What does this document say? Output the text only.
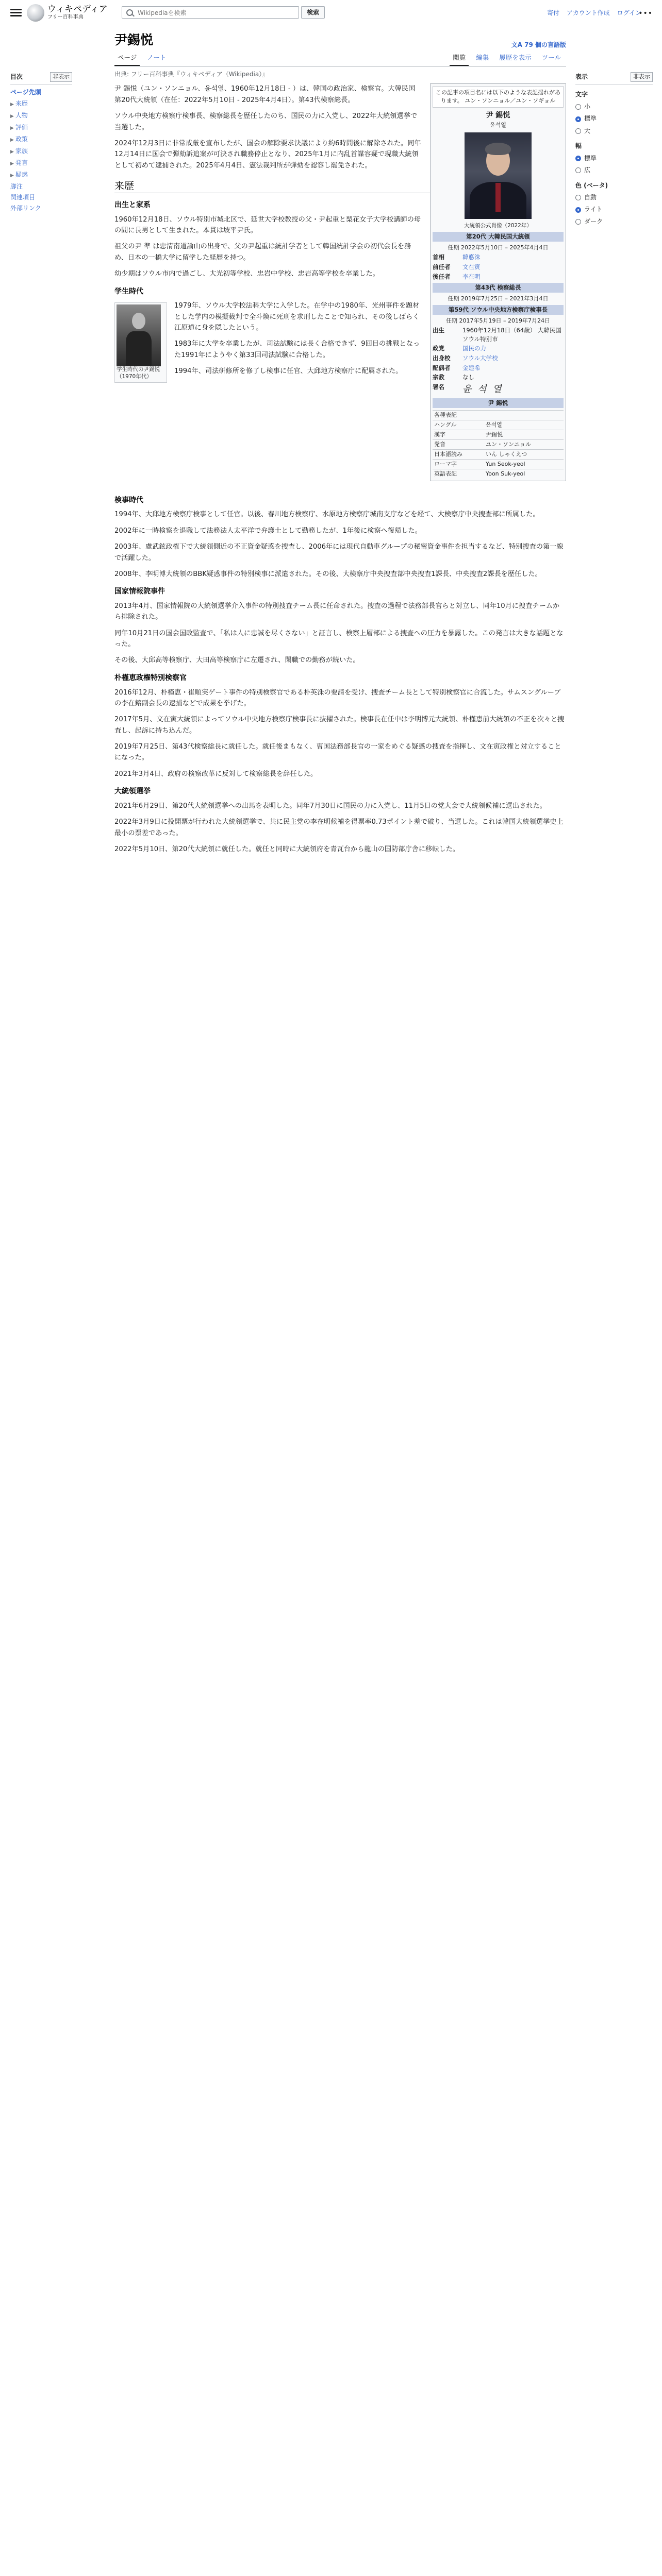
ウィキペディア
フリー百科事典
Wikipediaを検索
検索	寄付 アカウント作成 ログイン
•••
目次	非表示
ページ先頭
▶ 来歴
▶ 人物
▶ 評価
▶ 政策
▶ 家族
▶ 発言
▶ 疑惑
脚注
関連項目
外部リンク
表示	非表示
文字
小
標準
大
幅
標準
広
色 (ベータ)
自動
ライト
ダーク
尹錫悦	文A 79 個の言語版
ページ ノート	閲覧 編集 履歴を表示 ツール
出典: フリー百科事典『ウィキペディア（Wikipedia）』
この記事の項目名には以下のような表記揺れがあります。 ユン・ソンニョル／ユン・ソギョル
尹 錫悦
윤석열
大統領公式肖像（2022年）
第20代 大韓民国大統領
任期 2022年5月10日 – 2025年4月4日
首相	韓悳洙
前任者	文在寅
後任者	李在明
第43代 検察総長
任期 2019年7月25日 – 2021年3月4日
第59代 ソウル中央地方検察庁検事長
任期 2017年5月19日 – 2019年7月24日
出生	1960年12月18日（64歳） 大韓民国 ソウル特別市
政党	国民の力
出身校	ソウル大学校
配偶者	金建希
宗教	なし
署名	윤 석 열
尹 錫悦
各種表記	
ハングル	윤석열
漢字	尹錫悦
発音	ユン・ソンニョル
日本語読み	いん しゃくえつ
ローマ字	Yun Seok-yeol
英語表記	Yoon Suk-yeol

尹 錫悦（ユン・ソンニョル、윤석열、1960年12月18日 - ）は、韓国の政治家、検察官。大韓民国第20代大統領（在任：2022年5月10日 - 2025年4月4日）。第43代検察総長。

ソウル中央地方検察庁検事長、検察総長を歴任したのち、国民の力に入党し、2022年大統領選挙で当選した。

2024年12月3日に非常戒厳を宣布したが、国会の解除要求決議により約6時間後に解除された。同年12月14日に国会で弾劾訴追案が可決され職務停止となり、2025年1月に内乱首謀容疑で現職大統領として初めて逮捕された。2025年4月4日、憲法裁判所が弾劾を認容し罷免された。

来歴
出生と家系

1960年12月18日、ソウル特別市城北区で、延世大学校教授の父・尹起重と梨花女子大学校講師の母の間に長男として生まれた。本貫は坡平尹氏。

祖父の尹 準 は忠清南道論山の出身で、父の尹起重は統計学者として韓国統計学会の初代会長を務め、日本の一橋大学に留学した経歴を持つ。

幼少期はソウル市内で過ごし、大光初等学校、忠岩中学校、忠岩高等学校を卒業した。

学生時代
学生時代の尹錫悦（1970年代）

1979年、ソウル大学校法科大学に入学した。在学中の1980年、光州事件を題材とした学内の模擬裁判で全斗煥に死刑を求刑したことで知られ、その後しばらく江原道に身を隠したという。

1983年に大学を卒業したが、司法試験には長く合格できず、9回目の挑戦となった1991年にようやく第33回司法試験に合格した。

1994年、司法研修所を修了し検事に任官、大邱地方検察庁に配属された。

検事時代

1994年、大邱地方検察庁検事として任官。以後、春川地方検察庁、水原地方検察庁城南支庁などを経て、大検察庁中央捜査部に所属した。

2002年に一時検察を退職して法務法人太平洋で弁護士として勤務したが、1年後に検察へ復帰した。

2003年、盧武鉉政権下で大統領側近の不正資金疑惑を捜査し、2006年には現代自動車グループの秘密資金事件を担当するなど、特別捜査の第一線で活躍した。

2008年、李明博大統領のBBK疑惑事件の特別検事に派遣された。その後、大検察庁中央捜査部中央捜査1課長、中央捜査2課長を歴任した。

国家情報院事件

2013年4月、国家情報院の大統領選挙介入事件の特別捜査チーム長に任命された。捜査の過程で法務部長官らと対立し、同年10月に捜査チームから排除された。

同年10月21日の国会国政監査で、「私は人に忠誠を尽くさない」と証言し、検察上層部による捜査への圧力を暴露した。この発言は大きな話題となった。

その後、大邱高等検察庁、大田高等検察庁に左遷され、閑職での勤務が続いた。

朴槿恵政権特別検察官

2016年12月、朴槿恵・崔順実ゲート事件の特別検察官である朴英洙の要請を受け、捜査チーム長として特別検察官に合流した。サムスングループの李在鎔副会長の逮捕などで成果を挙げた。

2017年5月、文在寅大統領によってソウル中央地方検察庁検事長に抜擢された。検事長在任中は李明博元大統領、朴槿恵前大統領の不正を次々と捜査し、起訴に持ち込んだ。

2019年7月25日、第43代検察総長に就任した。就任後まもなく、曺国法務部長官の一家をめぐる疑惑の捜査を指揮し、文在寅政権と対立することになった。

2021年3月4日、政府の検察改革に反対して検察総長を辞任した。

大統領選挙

2021年6月29日、第20代大統領選挙への出馬を表明した。同年7月30日に国民の力に入党し、11月5日の党大会で大統領候補に選出された。

2022年3月9日に投開票が行われた大統領選挙で、共に民主党の李在明候補を得票率0.73ポイント差で破り、当選した。これは韓国大統領選挙史上最小の票差であった。

2022年5月10日、第20代大統領に就任した。就任と同時に大統領府を青瓦台から龍山の国防部庁舎に移転した。
